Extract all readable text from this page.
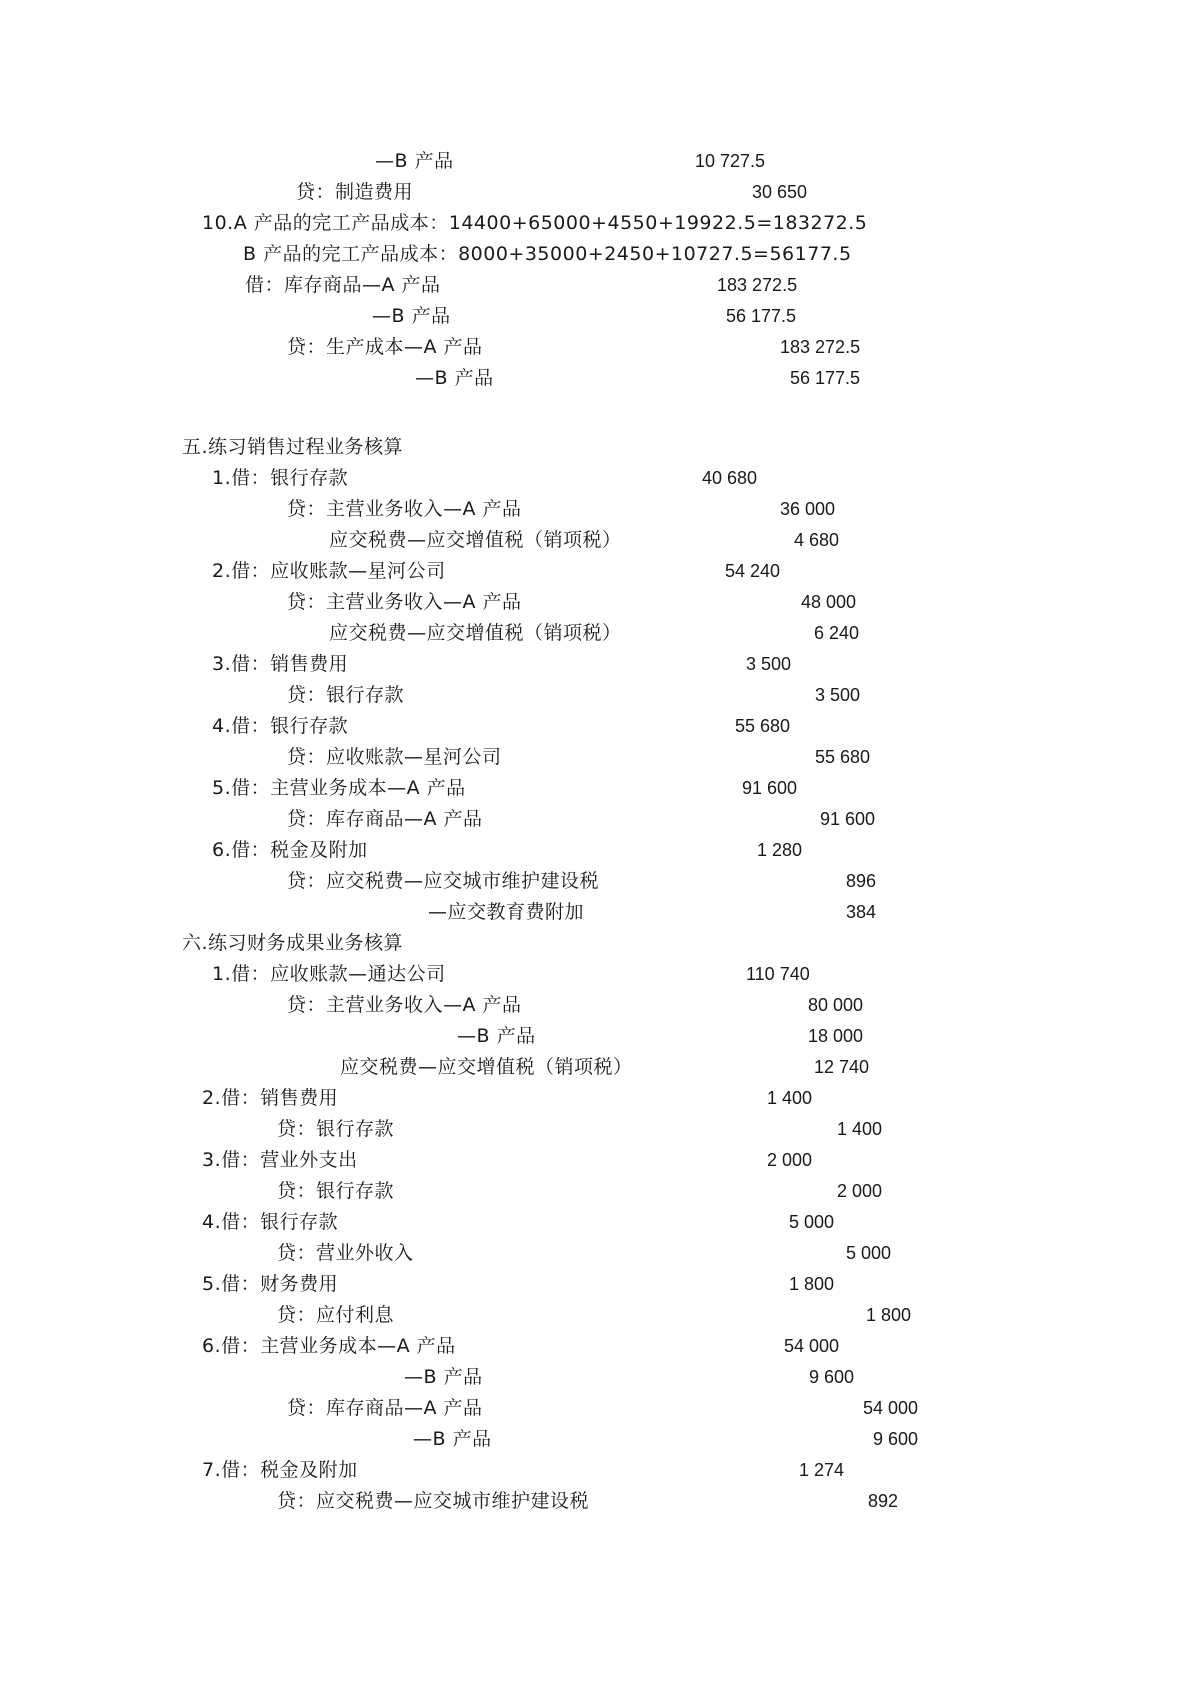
—B 产品	10 727.5
贷：制造费用	30 650
10.A 产品的完工产品成本：14400+65000+4550+19922.5=183272.5
B 产品的完工产品成本：8000+35000+2450+10727.5=56177.5
借：库存商品—A 产品	183 272.5
—B 产品	56 177.5
贷：生产成本—A 产品	183 272.5
—B 产品	56 177.5
五.练习销售过程业务核算
1.借：银行存款	40 680
贷：主营业务收入—A 产品	36 000
应交税费—应交增值税（销项税）	4 680
2.借：应收账款—星河公司	54 240
贷：主营业务收入—A 产品	48 000
应交税费—应交增值税（销项税）	6 240
3.借：销售费用	3 500
贷：银行存款	3 500
4.借：银行存款	55 680
贷：应收账款—星河公司	55 680
5.借：主营业务成本—A 产品	91 600
贷：库存商品—A 产品	91 600
6.借：税金及附加	1 280
贷：应交税费—应交城市维护建设税	896
—应交教育费附加	384
六.练习财务成果业务核算
1.借：应收账款—通达公司	110 740
贷：主营业务收入—A 产品	80 000
—B 产品	18 000
应交税费—应交增值税（销项税）	12 740
2.借：销售费用	1 400
贷：银行存款	1 400
3.借：营业外支出	2 000
贷：银行存款	2 000
4.借：银行存款	5 000
贷：营业外收入	5 000
5.借：财务费用	1 800
贷：应付利息	1 800
6.借：主营业务成本—A 产品	54 000
—B 产品	9 600
贷：库存商品—A 产品	54 000
—B 产品	9 600
7.借：税金及附加	1 274
贷：应交税费—应交城市维护建设税	892
